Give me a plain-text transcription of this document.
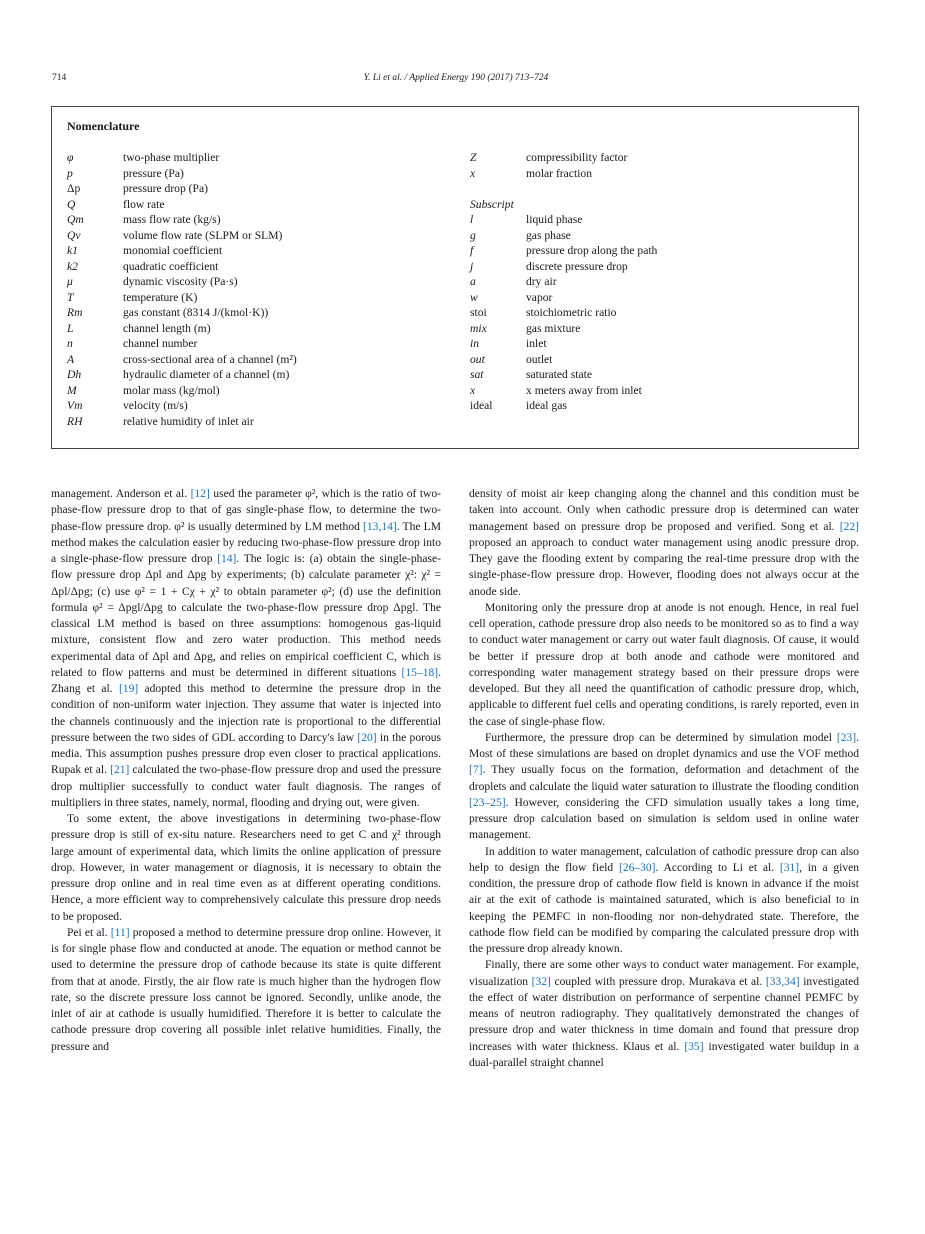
714	Y. Li et al. / Applied Energy 190 (2017) 713–724
Nomenclature
φ	two-phase multiplier
p	pressure (Pa)
Δp	pressure drop (Pa)
Q	flow rate
Qm	mass flow rate (kg/s)
Qv	volume flow rate (SLPM or SLM)
k1	monomial coefficient
k2	quadratic coefficient
μ	dynamic viscosity (Pa·s)
T	temperature (K)
Rm	gas constant (8314 J/(kmol·K))
L	channel length (m)
n	channel number
A	cross-sectional area of a channel (m²)
Dh	hydraulic diameter of a channel (m)
M	molar mass (kg/mol)
Vm	velocity (m/s)
RH	relative humidity of inlet air
Z	compressibility factor
x	molar fraction
Subscript
l	liquid phase
g	gas phase
f	pressure drop along the path
j	discrete pressure drop
a	dry air
w	vapor
stoi	stoichiometric ratio
mix	gas mixture
in	inlet
out	outlet
sat	saturated state
x	x meters away from inlet
ideal	ideal gas

management. Anderson et al. [12] used the parameter φ², which is the ratio of two-phase-flow pressure drop to that of gas single-phase flow, to determine the two-phase-flow pressure drop. φ² is usually determined by LM method [13,14]. The LM method makes the calculation easier by reducing two-phase-flow pressure drop into a single-phase-flow pressure drop [14]. The logic is: (a) obtain the single-phase-flow pressure drop Δpl and Δpg by experiments; (b) calculate parameter χ²: χ² = Δpl/Δpg; (c) use φ² = 1 + Cχ + χ² to obtain parameter φ²; (d) use the definition formula φ² = Δpgl/Δpg to calculate the two-phase-flow pressure drop Δpgl. The classical LM method is based on three assumptions: homogenous gas-liquid mixture, consistent flow and zero water production. This method needs experimental data of Δpl and Δpg, and relies on empirical coefficient C, which is related to flow patterns and must be determined in different situations [15–18]. Zhang et al. [19] adopted this method to determine the pressure drop in the condition of non-uniform water injection. They assume that water is injected into the channels continuously and the injection rate is proportional to the differential pressure between the two sides of GDL according to Darcy's law [20] in the porous media. This assumption pushes pressure drop even closer to practical applications. Rupak et al. [21] calculated the two-phase-flow pressure drop and used the pressure drop multiplier successfully to conduct water fault diagnosis. The ranges of multipliers in three states, namely, normal, flooding and drying out, were given.

To some extent, the above investigations in determining two-phase-flow pressure drop is still of ex-situ nature. Researchers need to get C and χ² through large amount of experimental data, which limits the online application of pressure drop. However, in water management or diagnosis, it is necessary to obtain the pressure drop online and in real time even as at different operating conditions. Hence, a more efficient way to comprehensively calculate this pressure drop needs to be proposed.

Pei et al. [11] proposed a method to determine pressure drop online. However, it is for single phase flow and conducted at anode. The equation or method cannot be used to determine the pressure drop of cathode because its state is quite different from that at anode. Firstly, the air flow rate is much higher than the hydrogen flow rate, so the discrete pressure loss cannot be ignored. Secondly, unlike anode, the inlet of air at cathode is usually humidified. Therefore it is better to calculate the cathode pressure drop covering all possible inlet relative humidities. Finally, the pressure and

density of moist air keep changing along the channel and this condition must be taken into account. Only when cathodic pressure drop is determined can water management based on pressure drop be proposed and verified. Song et al. [22] proposed an approach to conduct water management using anodic pressure drop. They gave the flooding extent by comparing the real-time pressure drop with the single-phase-flow pressure drop. However, flooding does not always occur at the anode side.

Monitoring only the pressure drop at anode is not enough. Hence, in real fuel cell operation, cathode pressure drop also needs to be monitored so as to find a way to conduct water management or carry out water fault diagnosis. Of cause, it would be better if pressure drop at both anode and cathode were monitored and corresponding water management strategy based on their pressure drops were developed. But they all need the quantification of cathodic pressure drop, which, applicable to different fuel cells and operating conditions, is rarely reported, even in the case of single-phase flow.

Furthermore, the pressure drop can be determined by simulation model [23]. Most of these simulations are based on droplet dynamics and use the VOF method [7]. They usually focus on the formation, deformation and detachment of the droplets and calculate the liquid water saturation to illustrate the flooding condition [23–25]. However, considering the CFD simulation usually takes a long time, pressure drop calculation based on simulation is seldom used in online water management.

In addition to water management, calculation of cathodic pressure drop can also help to design the flow field [26–30]. According to Li et al. [31], in a given condition, the pressure drop of cathode flow field is known in advance if the moist air at the exit of cathode is maintained saturated, which is also beneficial to in keeping the PEMFC in non-flooding nor non-dehydrated state. Therefore, the cathode flow field can be modified by comparing the calculated pressure drop with the pressure drop already known.

Finally, there are some other ways to conduct water management. For example, visualization [32] coupled with pressure drop. Murakava et al. [33,34] investigated the effect of water distribution on performance of serpentine channel PEMFC by means of neutron radiography. They qualitatively demonstrated the changes of pressure drop and water thickness in time domain and found that pressure drop increases with water thickness. Klaus et al. [35] investigated water buildup in a dual-parallel straight channel
